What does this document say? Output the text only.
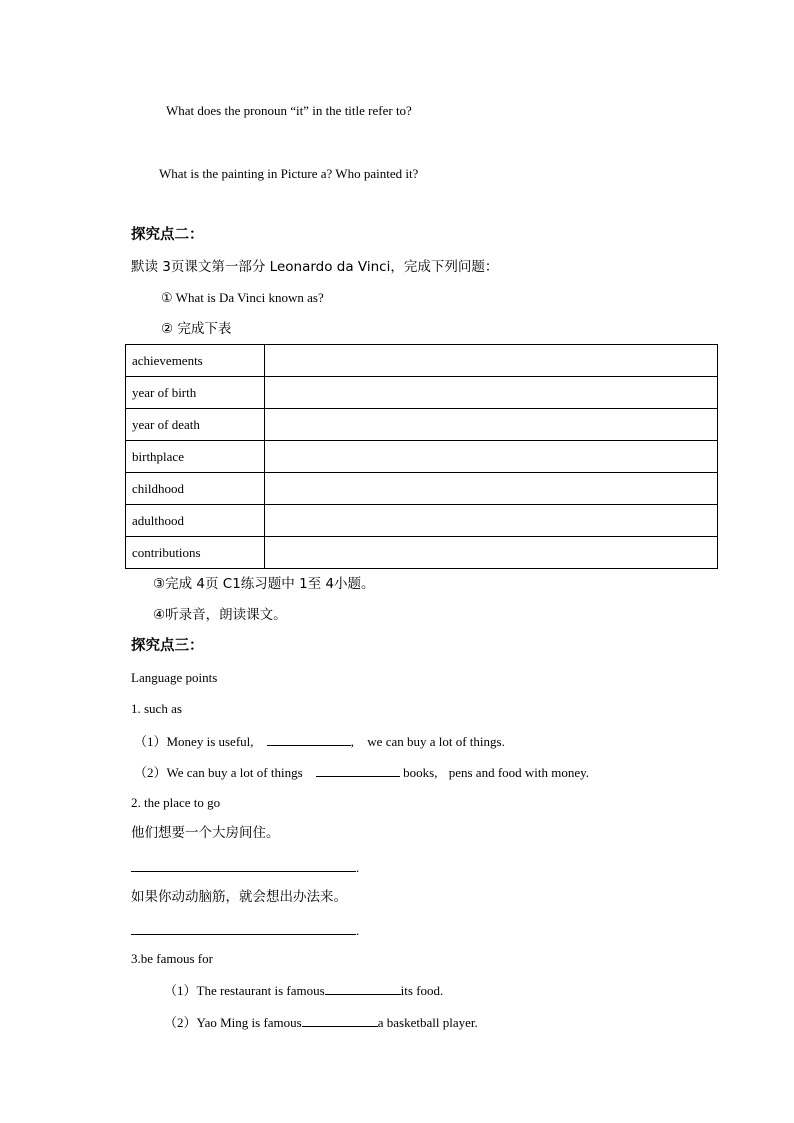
What does the pronoun “it” in the title refer to?
What is the painting in Picture a? Who painted it?
探究点二：
默读 3页课文第一部分 Leonardo da Vinci，完成下列问题：
① What is Da Vinci known as?
② 完成下表
achievements	
year of birth	
year of death	
birthplace	
childhood	
adulthood	
contributions	
③完成 4页 C1练习题中 1至 4小题。
④听录音，朗读课文。
探究点三：
Language points
1. such as
（1）Money is useful,	, we can buy a lot of things.
（2）We can buy a lot of things	books, pens and food with money.
2. the place to go
他们想要一个大房间住。
.
如果你动动脑筋，就会想出办法来。
.
3.be famous for
（1）The restaurant is famous	its food.
（2）Yao Ming is famous	a basketball player.
